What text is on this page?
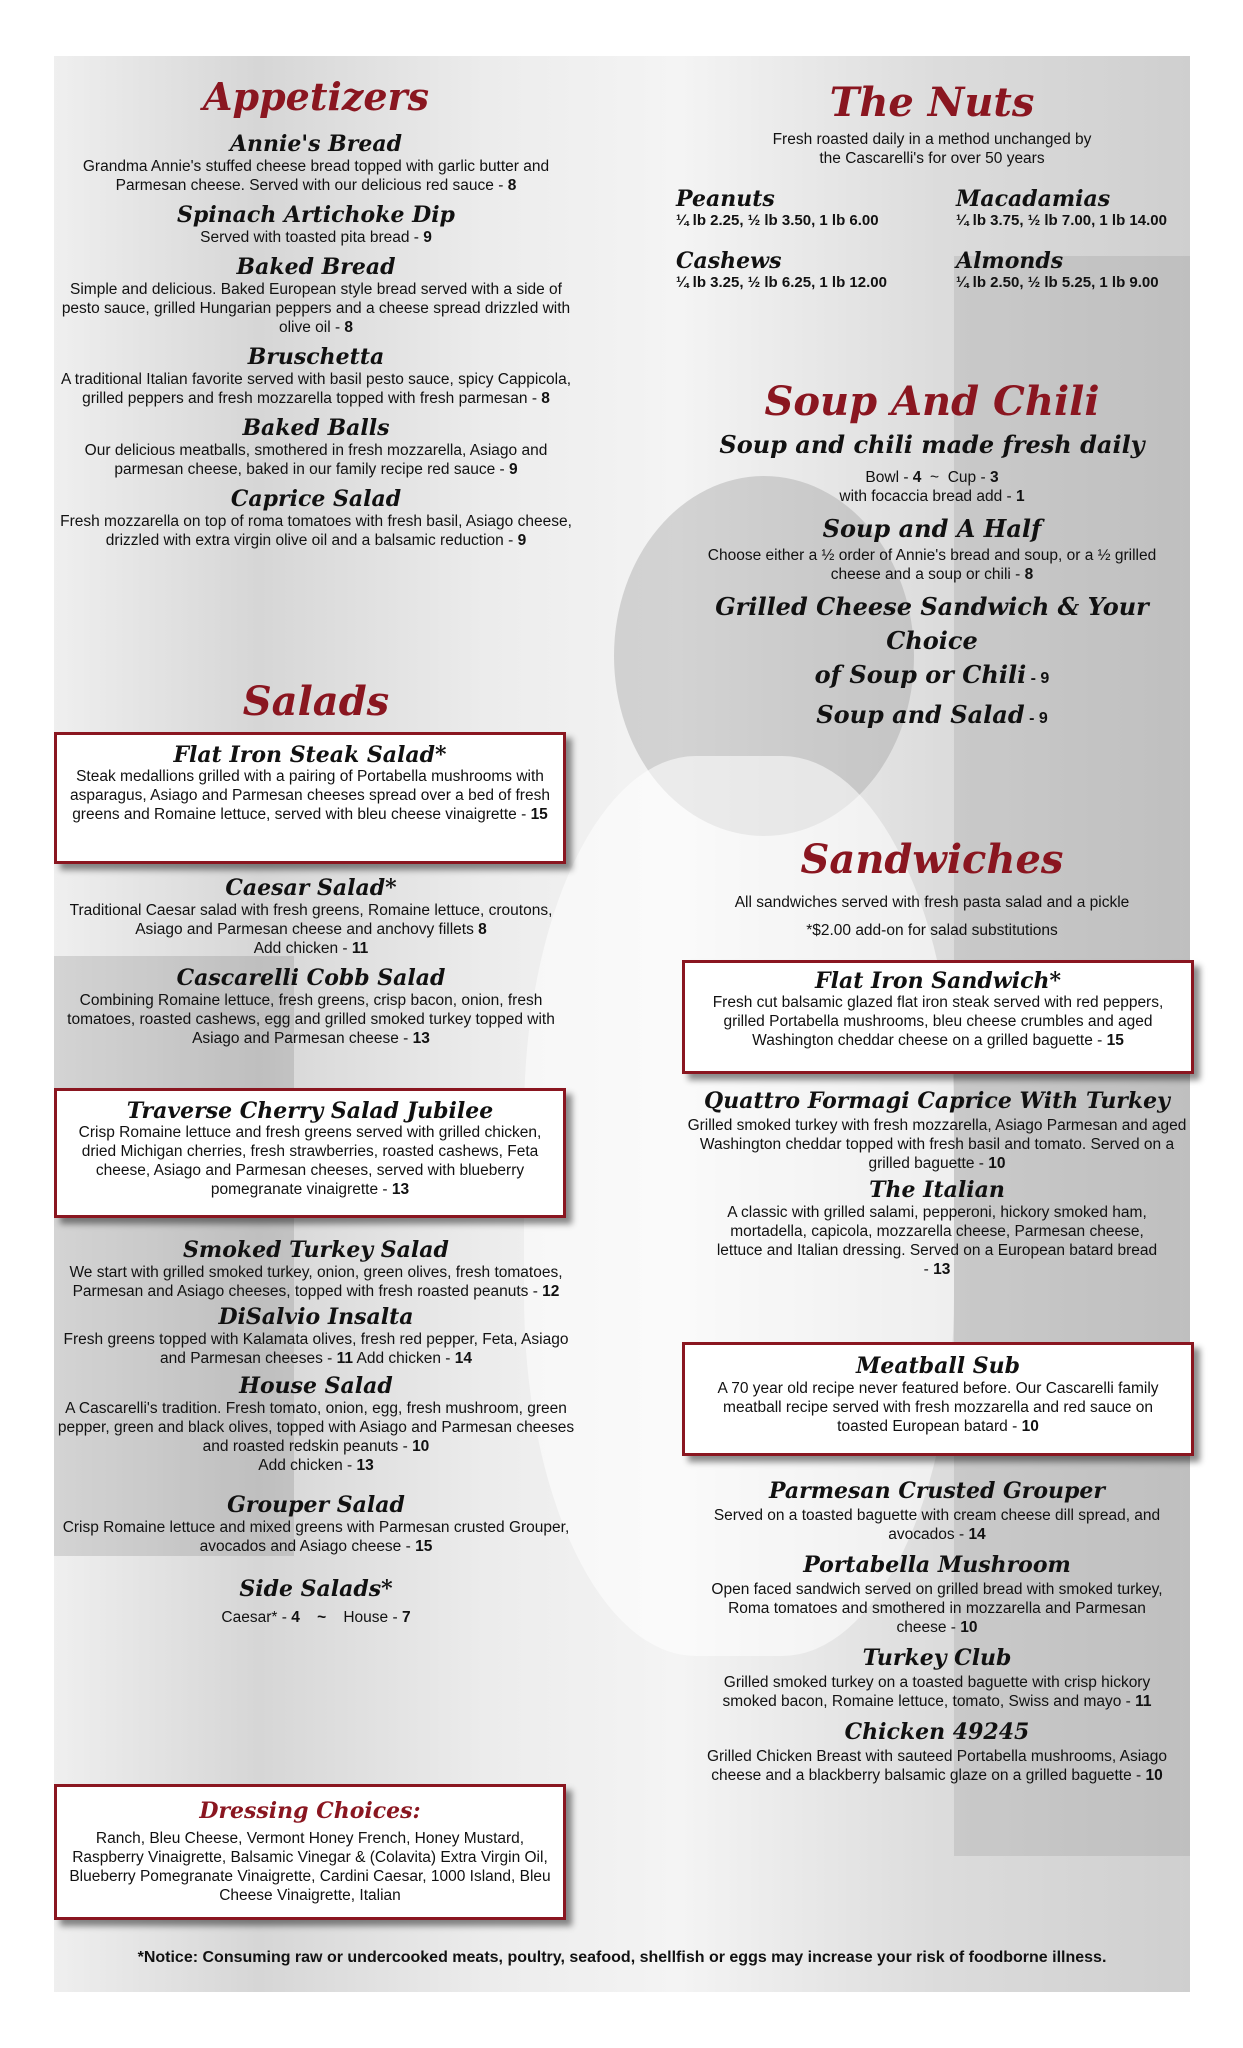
Appetizers

Annie's Bread

Grandma Annie's stuffed cheese bread topped with garlic butter and Parmesan cheese. Served with our delicious red sauce - 8

Spinach Artichoke Dip

Served with toasted pita bread - 9

Baked Bread

Simple and delicious. Baked European style bread served with a side of pesto sauce, grilled Hungarian peppers and a cheese spread drizzled with olive oil - 8

Bruschetta

A traditional Italian favorite served with basil pesto sauce, spicy Cappicola, grilled peppers and fresh mozzarella topped with fresh parmesan - 8

Baked Balls

Our delicious meatballs, smothered in fresh mozzarella, Asiago and parmesan cheese, baked in our family recipe red sauce - 9

Caprice Salad

Fresh mozzarella on top of roma tomatoes with fresh basil, Asiago cheese, drizzled with extra virgin olive oil and a balsamic reduction - 9

Salads

Flat Iron Steak Salad*

Steak medallions grilled with a pairing of Portabella mushrooms with asparagus, Asiago and Parmesan cheeses spread over a bed of fresh greens and Romaine lettuce, served with bleu cheese vinaigrette - 15

Caesar Salad*

Traditional Caesar salad with fresh greens, Romaine lettuce, croutons, Asiago and Parmesan cheese and anchovy fillets 8
Add chicken - 11

Cascarelli Cobb Salad

Combining Romaine lettuce, fresh greens, crisp bacon, onion, fresh tomatoes, roasted cashews, egg and grilled smoked turkey topped with Asiago and Parmesan cheese - 13

Traverse Cherry Salad Jubilee

Crisp Romaine lettuce and fresh greens served with grilled chicken, dried Michigan cherries, fresh strawberries, roasted cashews, Feta cheese, Asiago and Parmesan cheeses, served with blueberry pomegranate vinaigrette - 13

Smoked Turkey Salad

We start with grilled smoked turkey, onion, green olives, fresh tomatoes, Parmesan and Asiago cheeses, topped with fresh roasted peanuts - 12

DiSalvio Insalta

Fresh greens topped with Kalamata olives, fresh red pepper, Feta, Asiago and Parmesan cheeses - 11 Add chicken - 14

House Salad

A Cascarelli's tradition. Fresh tomato, onion, egg, fresh mushroom, green pepper, green and black olives, topped with Asiago and Parmesan cheeses and roasted redskin peanuts - 10
Add chicken - 13

Grouper Salad

Crisp Romaine lettuce and mixed greens with Parmesan crusted Grouper, avocados and Asiago cheese - 15

Side Salads*

Caesar* - 4 ~ House - 7

Dressing Choices:

Ranch, Bleu Cheese, Vermont Honey French, Honey Mustard, Raspberry Vinaigrette, Balsamic Vinegar & (Colavita) Extra Virgin Oil, Blueberry Pomegranate Vinaigrette, Cardini Caesar, 1000 Island, Bleu Cheese Vinaigrette, Italian

The Nuts

Fresh roasted daily in a method unchanged by the Cascarelli's for over 50 years

Peanuts

¼ lb 2.25, ½ lb 3.50, 1 lb 6.00

Macadamias

¼ lb 3.75, ½ lb 7.00, 1 lb 14.00

Cashews

¼ lb 3.25, ½ lb 6.25, 1 lb 12.00

Almonds

¼ lb 2.50, ½ lb 5.25, 1 lb 9.00

Soup And Chili

Soup and chili made fresh daily

Bowl - 4 ~ Cup - 3

with focaccia bread add - 1

Soup and A Half

Choose either a ½ order of Annie's bread and soup, or a ½ grilled cheese and a soup or chili - 8

Grilled Cheese Sandwich & Your Choice
of Soup or Chili - 9

Soup and Salad - 9

Sandwiches

All sandwiches served with fresh pasta salad and a pickle

*$2.00 add-on for salad substitutions

Flat Iron Sandwich*

Fresh cut balsamic glazed flat iron steak served with red peppers, grilled Portabella mushrooms, bleu cheese crumbles and aged Washington cheddar cheese on a grilled baguette - 15

Quattro Formagi Caprice With Turkey

Grilled smoked turkey with fresh mozzarella, Asiago Parmesan and aged Washington cheddar topped with fresh basil and tomato. Served on a grilled baguette - 10

The Italian

A classic with grilled salami, pepperoni, hickory smoked ham, mortadella, capicola, mozzarella cheese, Parmesan cheese, lettuce and Italian dressing. Served on a European batard bread - 13

Meatball Sub

A 70 year old recipe never featured before. Our Cascarelli family meatball recipe served with fresh mozzarella and red sauce on toasted European batard - 10

Parmesan Crusted Grouper

Served on a toasted baguette with cream cheese dill spread, and avocados - 14

Portabella Mushroom

Open faced sandwich served on grilled bread with smoked turkey, Roma tomatoes and smothered in mozzarella and Parmesan cheese - 10

Turkey Club

Grilled smoked turkey on a toasted baguette with crisp hickory smoked bacon, Romaine lettuce, tomato, Swiss and mayo - 11

Chicken 49245

Grilled Chicken Breast with sauteed Portabella mushrooms, Asiago cheese and a blackberry balsamic glaze on a grilled baguette - 10

*Notice: Consuming raw or undercooked meats, poultry, seafood, shellfish or eggs may increase your risk of foodborne illness.
